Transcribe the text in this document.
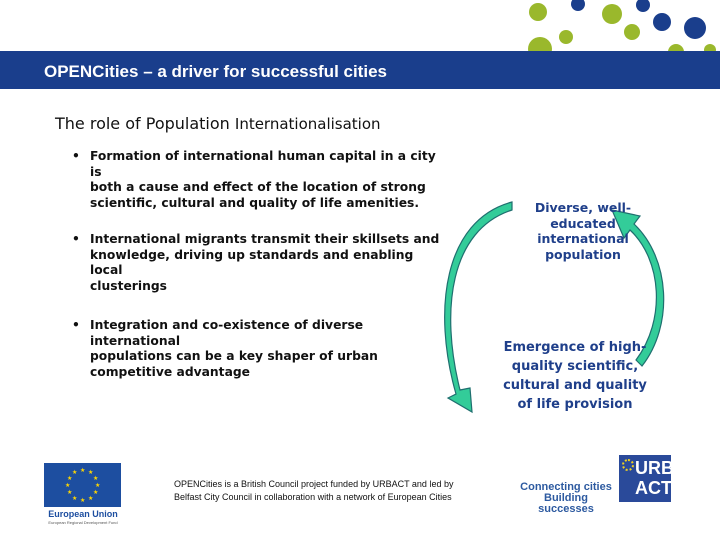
OPENCities – a driver for successful cities
The role of Population Internationalisation
• Formation of international human capital in a city is
both a cause and effect of the location of strong
scientific, cultural and quality of life amenities.
• International migrants transmit their skillsets and
knowledge, driving up standards and enabling local
clusterings
• Integration and co-existence of diverse international
populations can be a key shaper of urban
competitive advantage
Diverse, well-
educated
international
population
Emergence of high-
quality scientific,
cultural and quality
of life provision
★ ★
★
★
★
★
★
★
★
★
★
★
European Union
European Regional Development Fund
OPENCities is a British Council project funded by URBACT and led by
Belfast City Council in collaboration with a network of European Cities
Connecting cities
Building successes
URB
ACT
